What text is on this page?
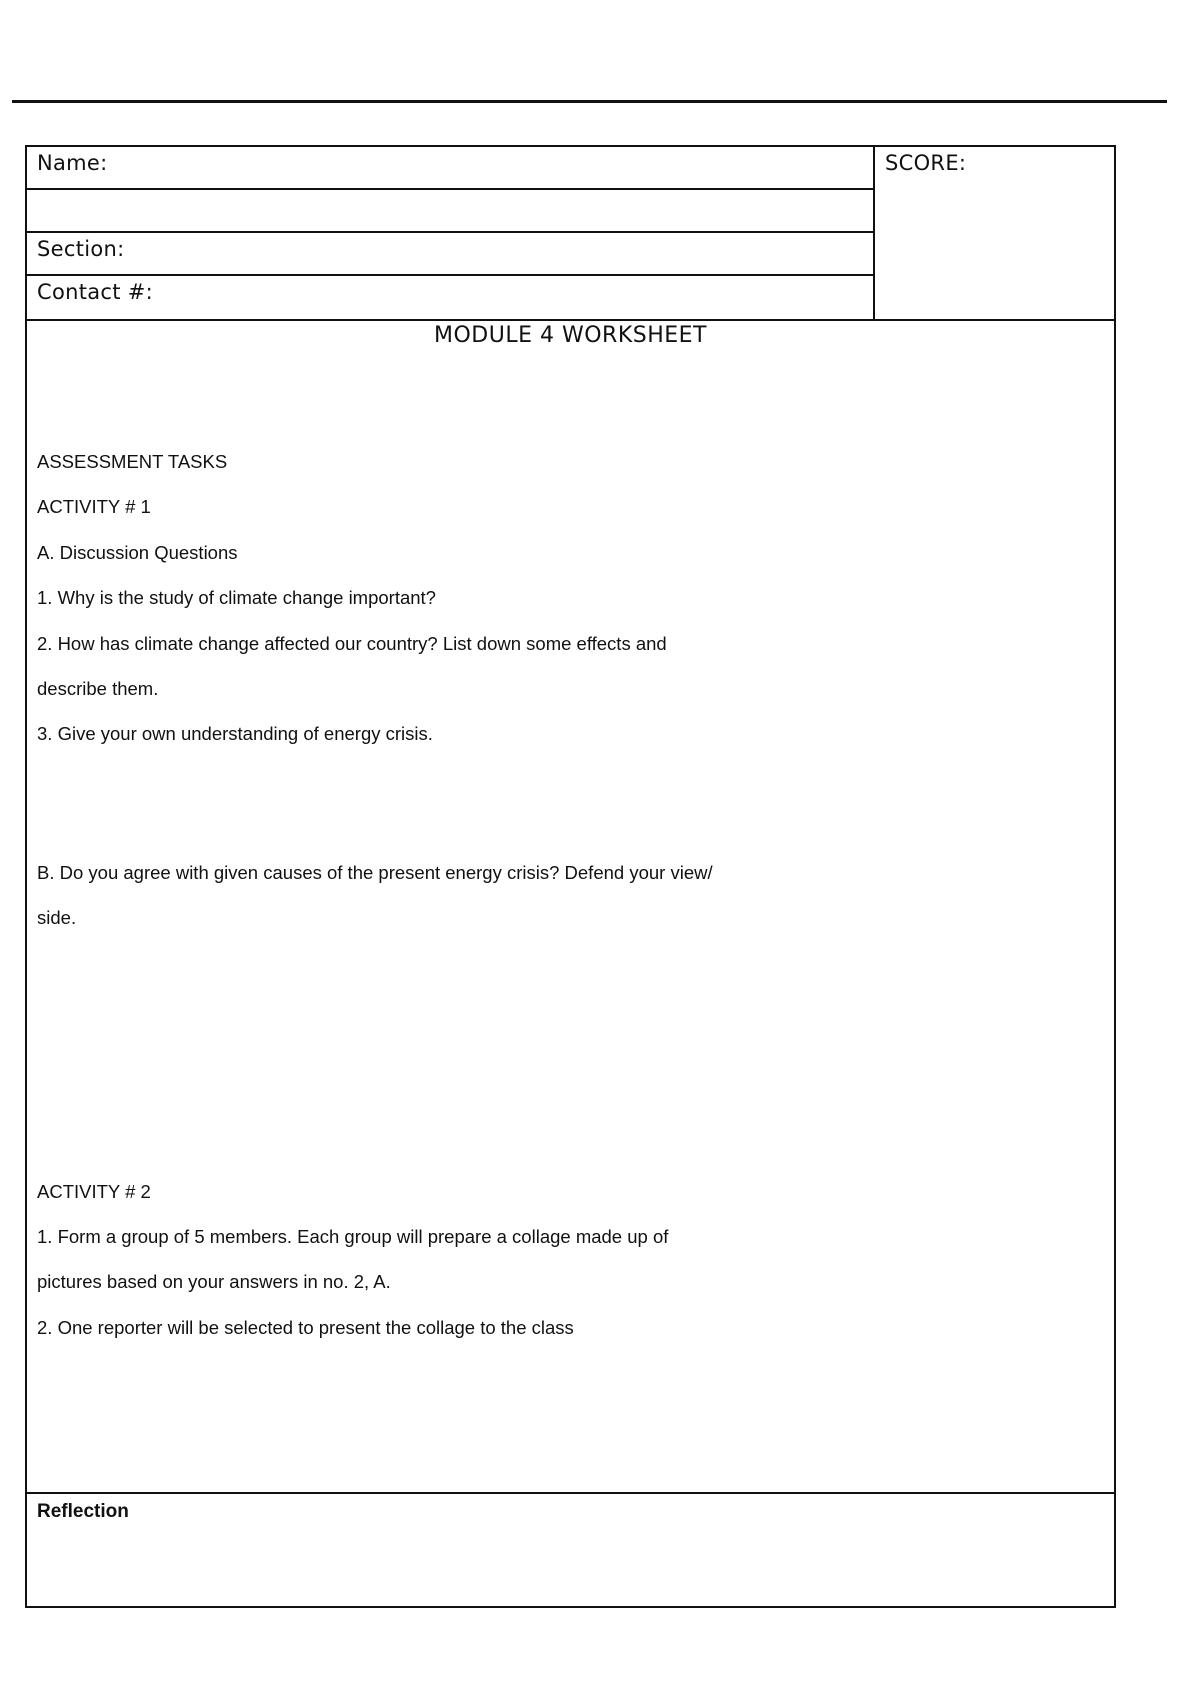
Name:
Section:
Contact #:
SCORE:
MODULE 4 WORKSHEET
ASSESSMENT TASKS
ACTIVITY # 1
A. Discussion Questions
1. Why is the study of climate change important?
2. How has climate change affected our country? List down some effects and
describe them.
3. Give your own understanding of energy crisis.
B. Do you agree with given causes of the present energy crisis? Defend your view/
side.
ACTIVITY # 2
1. Form a group of 5 members. Each group will prepare a collage made up of
pictures based on your answers in no. 2, A.
2. One reporter will be selected to present the collage to the class
Reflection
